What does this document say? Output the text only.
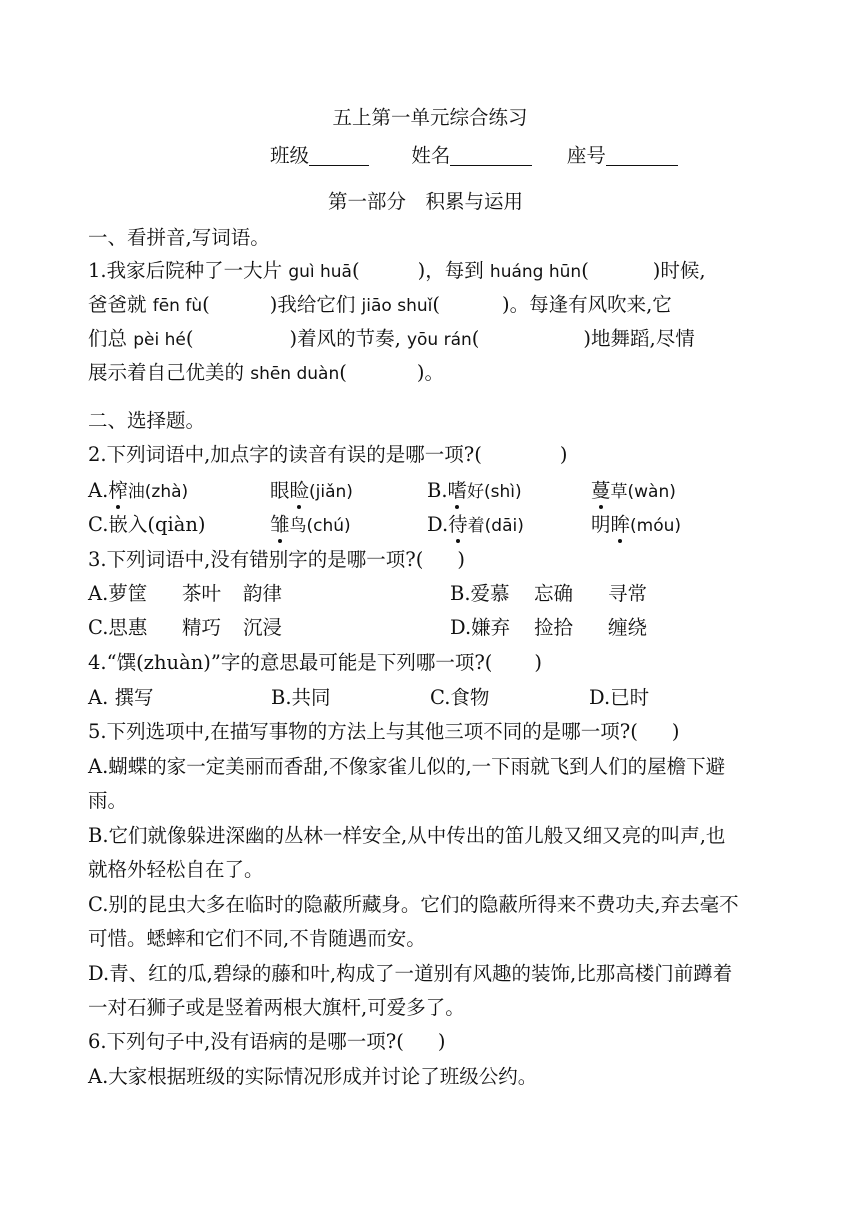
五上第一单元综合练习
班级	姓名	座号
第一部分　积累与运用
一、看拼音,写词语。
1.我家后院种了一大片 guì huā(	)，每到 huáng hūn(	)时候,
爸爸就 fēn fù(	)我给它们 jiāo shuǐ(	)。每逢有风吹来,它
们总 pèi hé(	)着风的节奏, yōu rán(	)地舞蹈,尽情
展示着自己优美的 shēn duàn(	)。
二、选择题。
2.下列词语中,加点字的读音有误的是哪一项?(	)
A.榨油(zhà)	眼睑(jiǎn)	B.嗜好(shì)	蔓草(wàn)
C.嵌入(qiàn)	雏鸟(chú)	D.待着(dāi)	明眸(móu)
3.下列词语中,没有错别字的是哪一项?( )
A.萝筐 茶叶 韵律	B.爱慕 忘确 寻常
C.思惠 精巧 沉浸	D.嫌弃 捡拾 缠绕
4.“馔(zhuàn)”字的意思最可能是下列哪一项?( )
A. 撰写	B.共同	C.食物	D.已时
5.下列选项中,在描写事物的方法上与其他三项不同的是哪一项?( )
A.蝴蝶的家一定美丽而香甜,不像家雀儿似的,一下雨就飞到人们的屋檐下避
雨。
B.它们就像躲进深幽的丛林一样安全,从中传出的笛儿般又细又亮的叫声,也
就格外轻松自在了。
C.别的昆虫大多在临时的隐蔽所藏身。它们的隐蔽所得来不费功夫,弃去毫不
可惜。蟋蟀和它们不同,不肯随遇而安。
D.青、红的瓜,碧绿的藤和叶,构成了一道别有风趣的装饰,比那高楼门前蹲着
一对石狮子或是竖着两根大旗杆,可爱多了。
6.下列句子中,没有语病的是哪一项?( )
A.大家根据班级的实际情况形成并讨论了班级公约。
